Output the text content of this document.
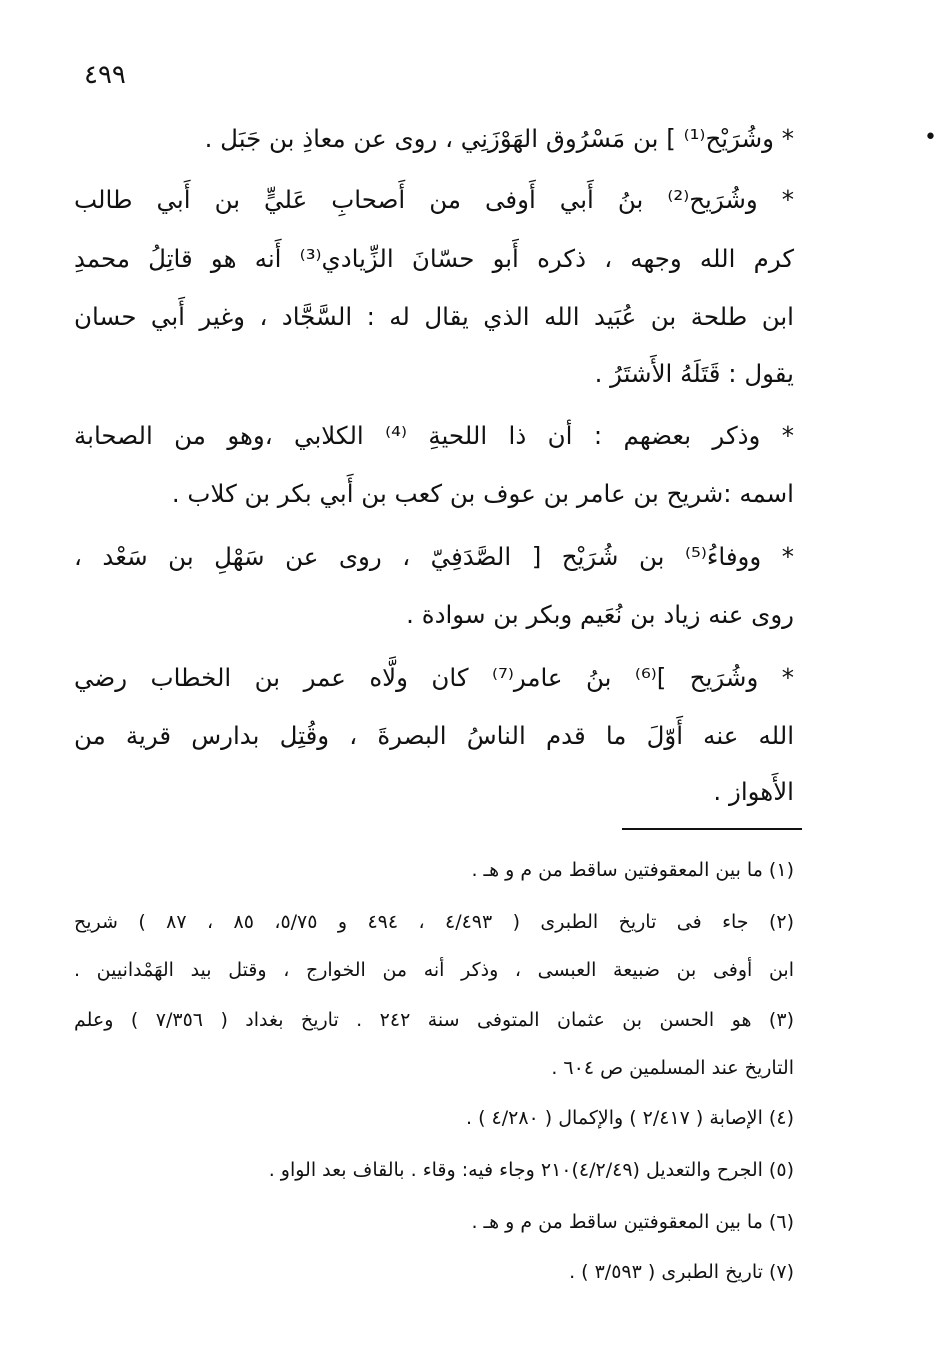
٤٩٩
•
* وشُرَيْح⁽¹⁾ ] بن مَسْرُوق الهَوْزَنِي ، روى عن معاذِ بن جَبَل .
* وشُرَيح⁽²⁾ بنُ أَبي أَوفى من أَصحابِ عَليٍّ بن أَبي طالب
كرم الله وجهه ، ذكره أَبو حسّانَ الزِّيادي⁽³⁾ أَنه هو قاتِلُ محمدِ
ابن طلحة بن عُبَيد الله الذي يقال له : السَّجَّاد ، وغير أَبي حسان
يقول : قَتَلَهُ الأَشتَرُ .
* وذكر بعضهم : أن ذا اللحيةِ ⁽⁴⁾ الكلابي ،وهو من الصحابة
اسمه :شريح بن عامر بن عوف بن كعب بن أَبي بكر بن كلاب .
* ووفاءُ⁽⁵⁾ بن شُرَيْح [ الصَّدَفِيّ ، روى عن سَهْلِ بن سَعْد ،
روى عنه زياد بن نُعَيم وبكر بن سوادة .
* وشُرَيح ]⁽⁶⁾ بنُ عامر⁽⁷⁾ كان ولَّاه عمر بن الخطاب رضي
الله عنه أَوّلَ ما قدم الناسُ البصرةَ ، وقُتِل بدارس قرية من
الأَهواز .
(١) ما بين المعقوفتين ساقط من م و هـ .
(٢) جاء فى تاريخ الطبرى ( ٤/٤٩٣ ، ٤٩٤ و ٥/٧٥، ٨٥ ، ٨٧ ) شريح
ابن أوفى بن ضبيعة العبسى ، وذكر أنه من الخوارج ، وقتل بيد الهَمْدانيين .
(٣) هو الحسن بن عثمان المتوفى سنة ٢٤٢ . تاريخ بغداد ( ٧/٣٥٦ ) وعلم
التاريخ عند المسلمين ص ٦٠٤ .
(٤) الإصابة ( ٢/٤١٧ ) والإكمال ( ٤/٢٨٠ ) .
(٥) الجرح والتعديل (٤/٢/٤٩)٢١٠ وجاء فيه: وقاء . بالقاف بعد الواو .
(٦) ما بين المعقوفتين ساقط من م و هـ .
(٧) تاريخ الطبرى ( ٣/٥٩٣ ) .
